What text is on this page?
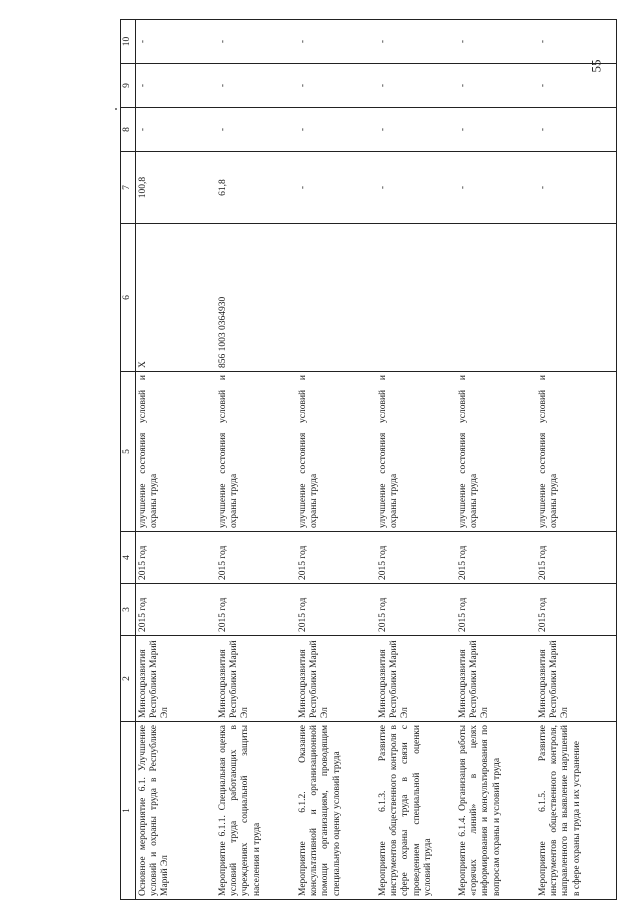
55
1	2	3	4	5	6	7	8	9	10
Основное мероприятие 6.1. Улучшение условий и охраны труда в Республике Марий Эл	Минсоцразвития Республики Марий Эл	2015 год	2015 год	улучшение состояния условий и охраны труда	X	100,8	-	-	-
Мероприятие 6.1.1. Специальная оценка условий труда работающих в учреждениях социальной защиты населения и труда	Минсоцразвития Республики Марий Эл	2015 год	2015 год	улучшение состояния условий и охраны труда	856 1003 0364930	61,8	-	-	-
Мероприятие 6.1.2. Оказание консультативной и организационной помощи организациям, проводящим специальную оценку условий труда	Минсоцразвития Республики Марий Эл	2015 год	2015 год	улучшение состояния условий и охраны труда		-	-	-	-
Мероприятие 6.1.3. Развитие инструментов общественного контроля в сфере охраны труда в связи с проведением специальной оценки условий труда	Минсоцразвития Республики Марий Эл	2015 год	2015 год	улучшение состояния условий и охраны труда		-	-	-	-
Мероприятие 6.1.4. Организация работы «горячих линий» в целях информирования и консультирования по вопросам охраны и условий труда	Минсоцразвития Республики Марий Эл	2015 год	2015 год	улучшение состояния условий и охраны труда		-	-	-	-
Мероприятие 6.1.5. Развитие инструментов общественного контроля, направленного на выявление нарушений в сфере охраны труда и их устранение	Минсоцразвития Республики Марий Эл	2015 год	2015 год	улучшение состояния условий и охраны труда		-	-	-	-
